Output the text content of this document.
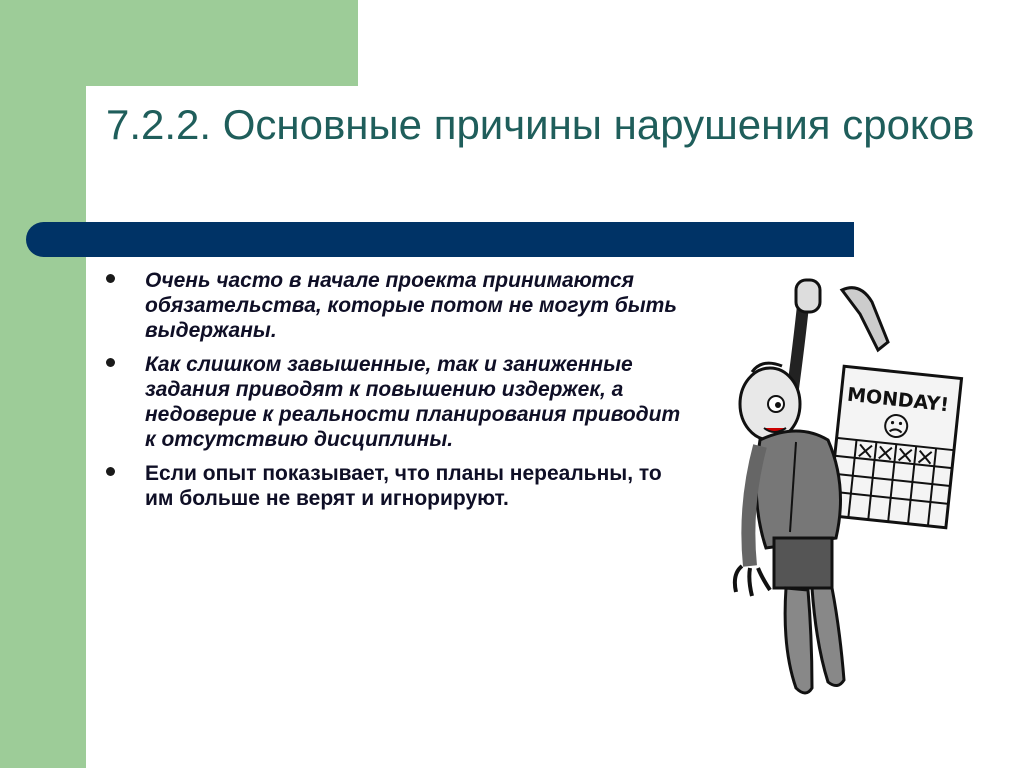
7.2.2. Основные причины нарушения сроков
Очень часто в начале проекта принимаются обязательства, которые потом не могут быть выдержаны.
Как слишком завышенные, так и заниженные задания приводят к повышению издержек, а недоверие к реальности планирования приводит к отсутствию дисциплины.
Если опыт показывает, что планы нереальны, то им больше не верят и игнорируют.
MONDAY!
